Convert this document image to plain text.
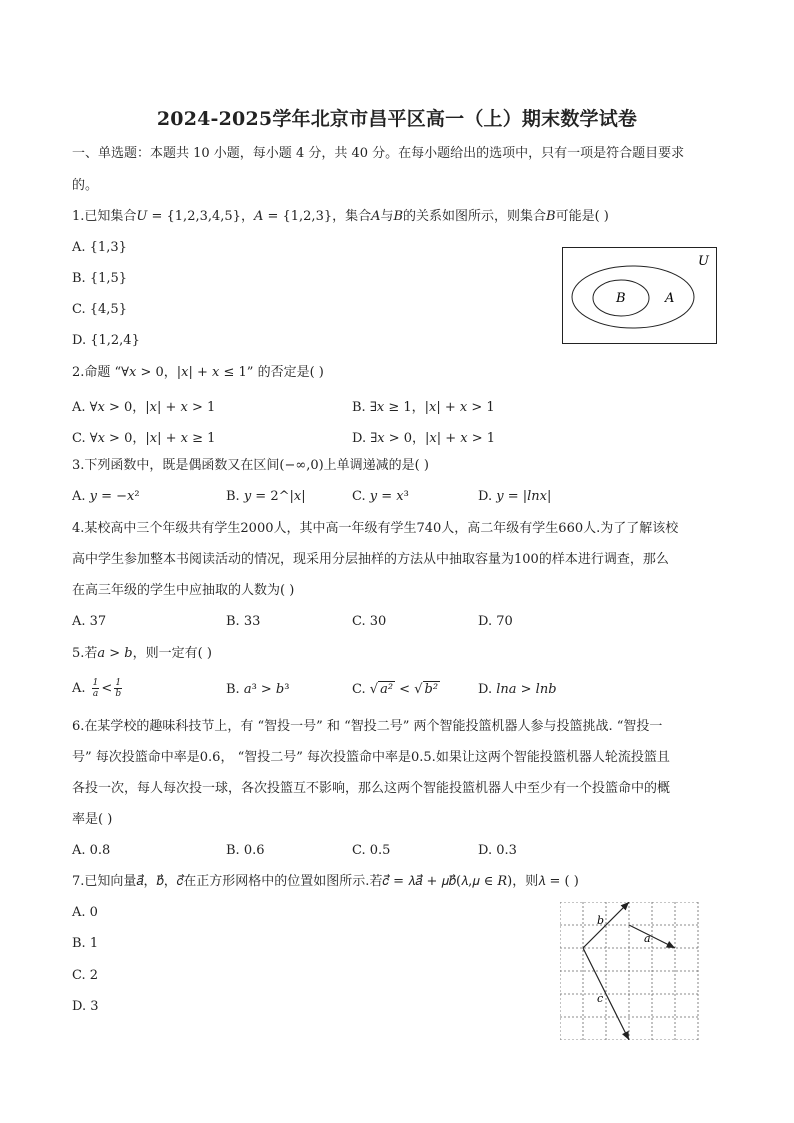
2024-2025学年北京市昌平区高一（上）期末数学试卷
一、单选题：本题共 10 小题，每小题 4 分，共 40 分。在每小题给出的选项中，只有一项是符合题目要求
的。
1.已知集合𝑈 = {1,2,3,4,5}，𝐴 = {1,2,3}，集合𝐴与𝐵的关系如图所示，则集合𝐵可能是( )
A. {1,3}
B. {1,5}
C. {4,5}
D. {1,2,4}
U
A
B
2.命题 “∀𝑥 > 0，|𝑥| + 𝑥 ≤ 1” 的否定是( )
A. ∀𝑥 > 0，|𝑥| + 𝑥 > 1	B. ∃𝑥 ≥ 1，|𝑥| + 𝑥 > 1
C. ∀𝑥 > 0，|𝑥| + 𝑥 ≥ 1	D. ∃𝑥 > 0，|𝑥| + 𝑥 > 1
3.下列函数中，既是偶函数又在区间(−∞,0)上单调递减的是( )
A. 𝑦 = −𝑥²	B. 𝑦 = 2^|𝑥|	C. 𝑦 = 𝑥³	D. 𝑦 = |𝑙𝑛𝑥|
4.某校高中三个年级共有学生2000人，其中高一年级有学生740人，高二年级有学生660人.为了了解该校
高中学生参加整本书阅读活动的情况，现采用分层抽样的方法从中抽取容量为100的样本进行调查，那么
在高三年级的学生中应抽取的人数为( )
A. 37	B. 33	C. 30	D. 70
5.若𝑎 > 𝑏，则一定有( )
A. $\frac{1}{a} < \frac{1}{b}$	B. 𝑎³ > 𝑏³	C. √ a² < √ b²	D. 𝑙𝑛𝑎 > 𝑙𝑛𝑏
6.在某学校的趣味科技节上，有 “智投一号” 和 “智投二号” 两个智能投篮机器人参与投篮挑战. “智投一
号” 每次投篮命中率是0.6， “智投二号” 每次投篮命中率是0.5.如果让这两个智能投篮机器人轮流投篮且
各投一次，每人每次投一球，各次投篮互不影响，那么这两个智能投篮机器人中至少有一个投篮命中的概
率是( )
A. 0.8	B. 0.6	C. 0.5	D. 0.3
7.已知向量𝑎⃗，𝑏⃗，𝑐⃗在正方形网格中的位置如图所示.若𝑐⃗ = 𝜆𝑎⃗ + 𝜇𝑏⃗(𝜆,𝜇 ∈ 𝑅)，则𝜆 = ( )
A. 0
B. 1
C. 2
D. 3
b
a
c
